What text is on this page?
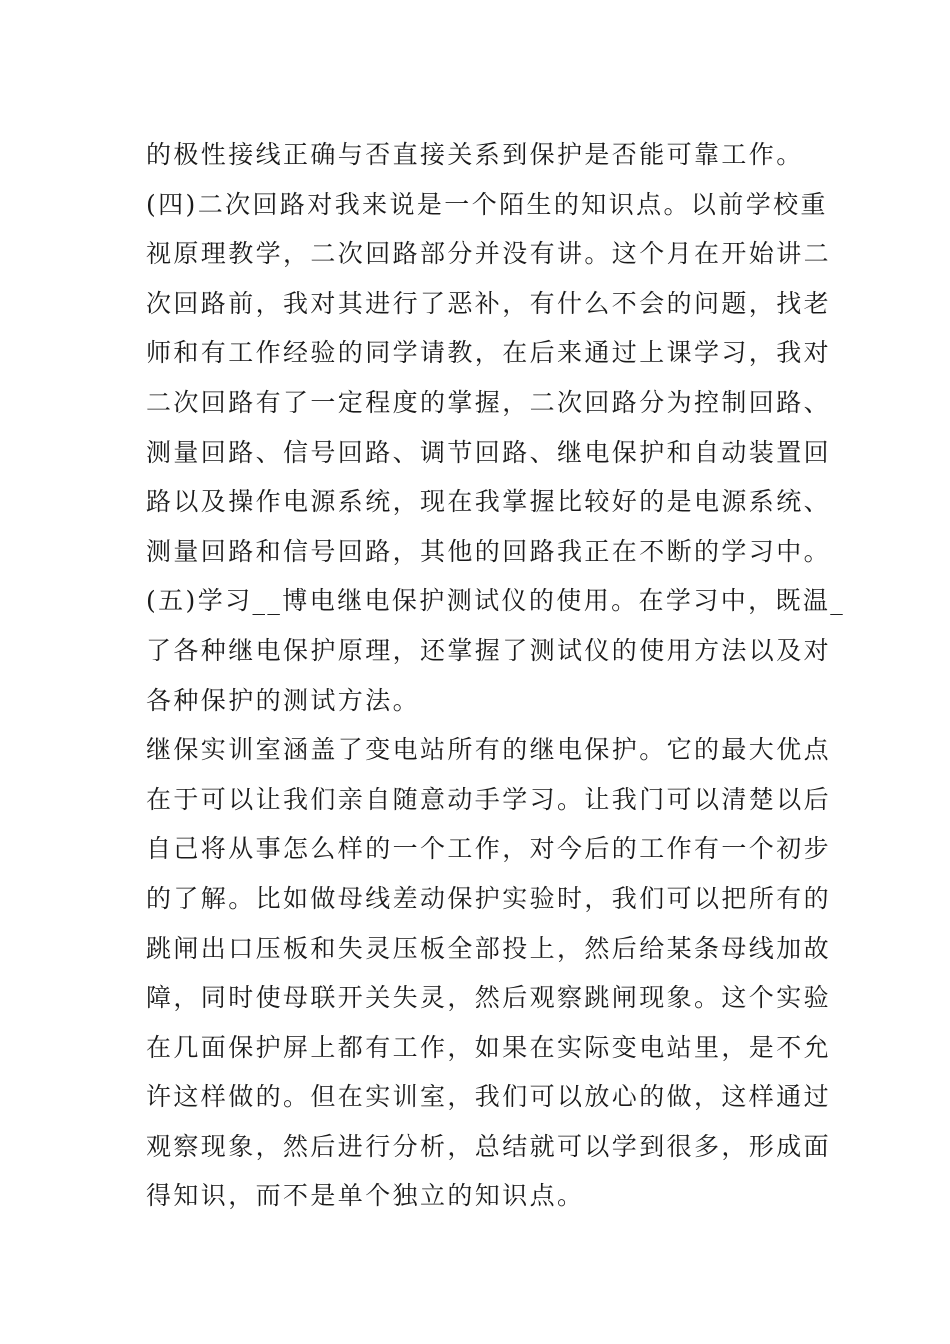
的极性接线正确与否直接关系到保护是否能可靠工作。
(四)二次回路对我来说是一个陌生的知识点。以前学校重
视原理教学，二次回路部分并没有讲。这个月在开始讲二
次回路前，我对其进行了恶补，有什么不会的问题，找老
师和有工作经验的同学请教，在后来通过上课学习，我对
二次回路有了一定程度的掌握，二次回路分为控制回路、
测量回路、信号回路、调节回路、继电保护和自动装置回
路以及操作电源系统，现在我掌握比较好的是电源系统、
测量回路和信号回路，其他的回路我正在不断的学习中。
(五)学习__博电继电保护测试仪的使用。在学习中，既温_
了各种继电保护原理，还掌握了测试仪的使用方法以及对
各种保护的测试方法。
继保实训室涵盖了变电站所有的继电保护。它的最大优点
在于可以让我们亲自随意动手学习。让我门可以清楚以后
自己将从事怎么样的一个工作，对今后的工作有一个初步
的了解。比如做母线差动保护实验时，我们可以把所有的
跳闸出口压板和失灵压板全部投上，然后给某条母线加故
障，同时使母联开关失灵，然后观察跳闸现象。这个实验
在几面保护屏上都有工作，如果在实际变电站里，是不允
许这样做的。但在实训室，我们可以放心的做，这样通过
观察现象，然后进行分析，总结就可以学到很多，形成面
得知识，而不是单个独立的知识点。
